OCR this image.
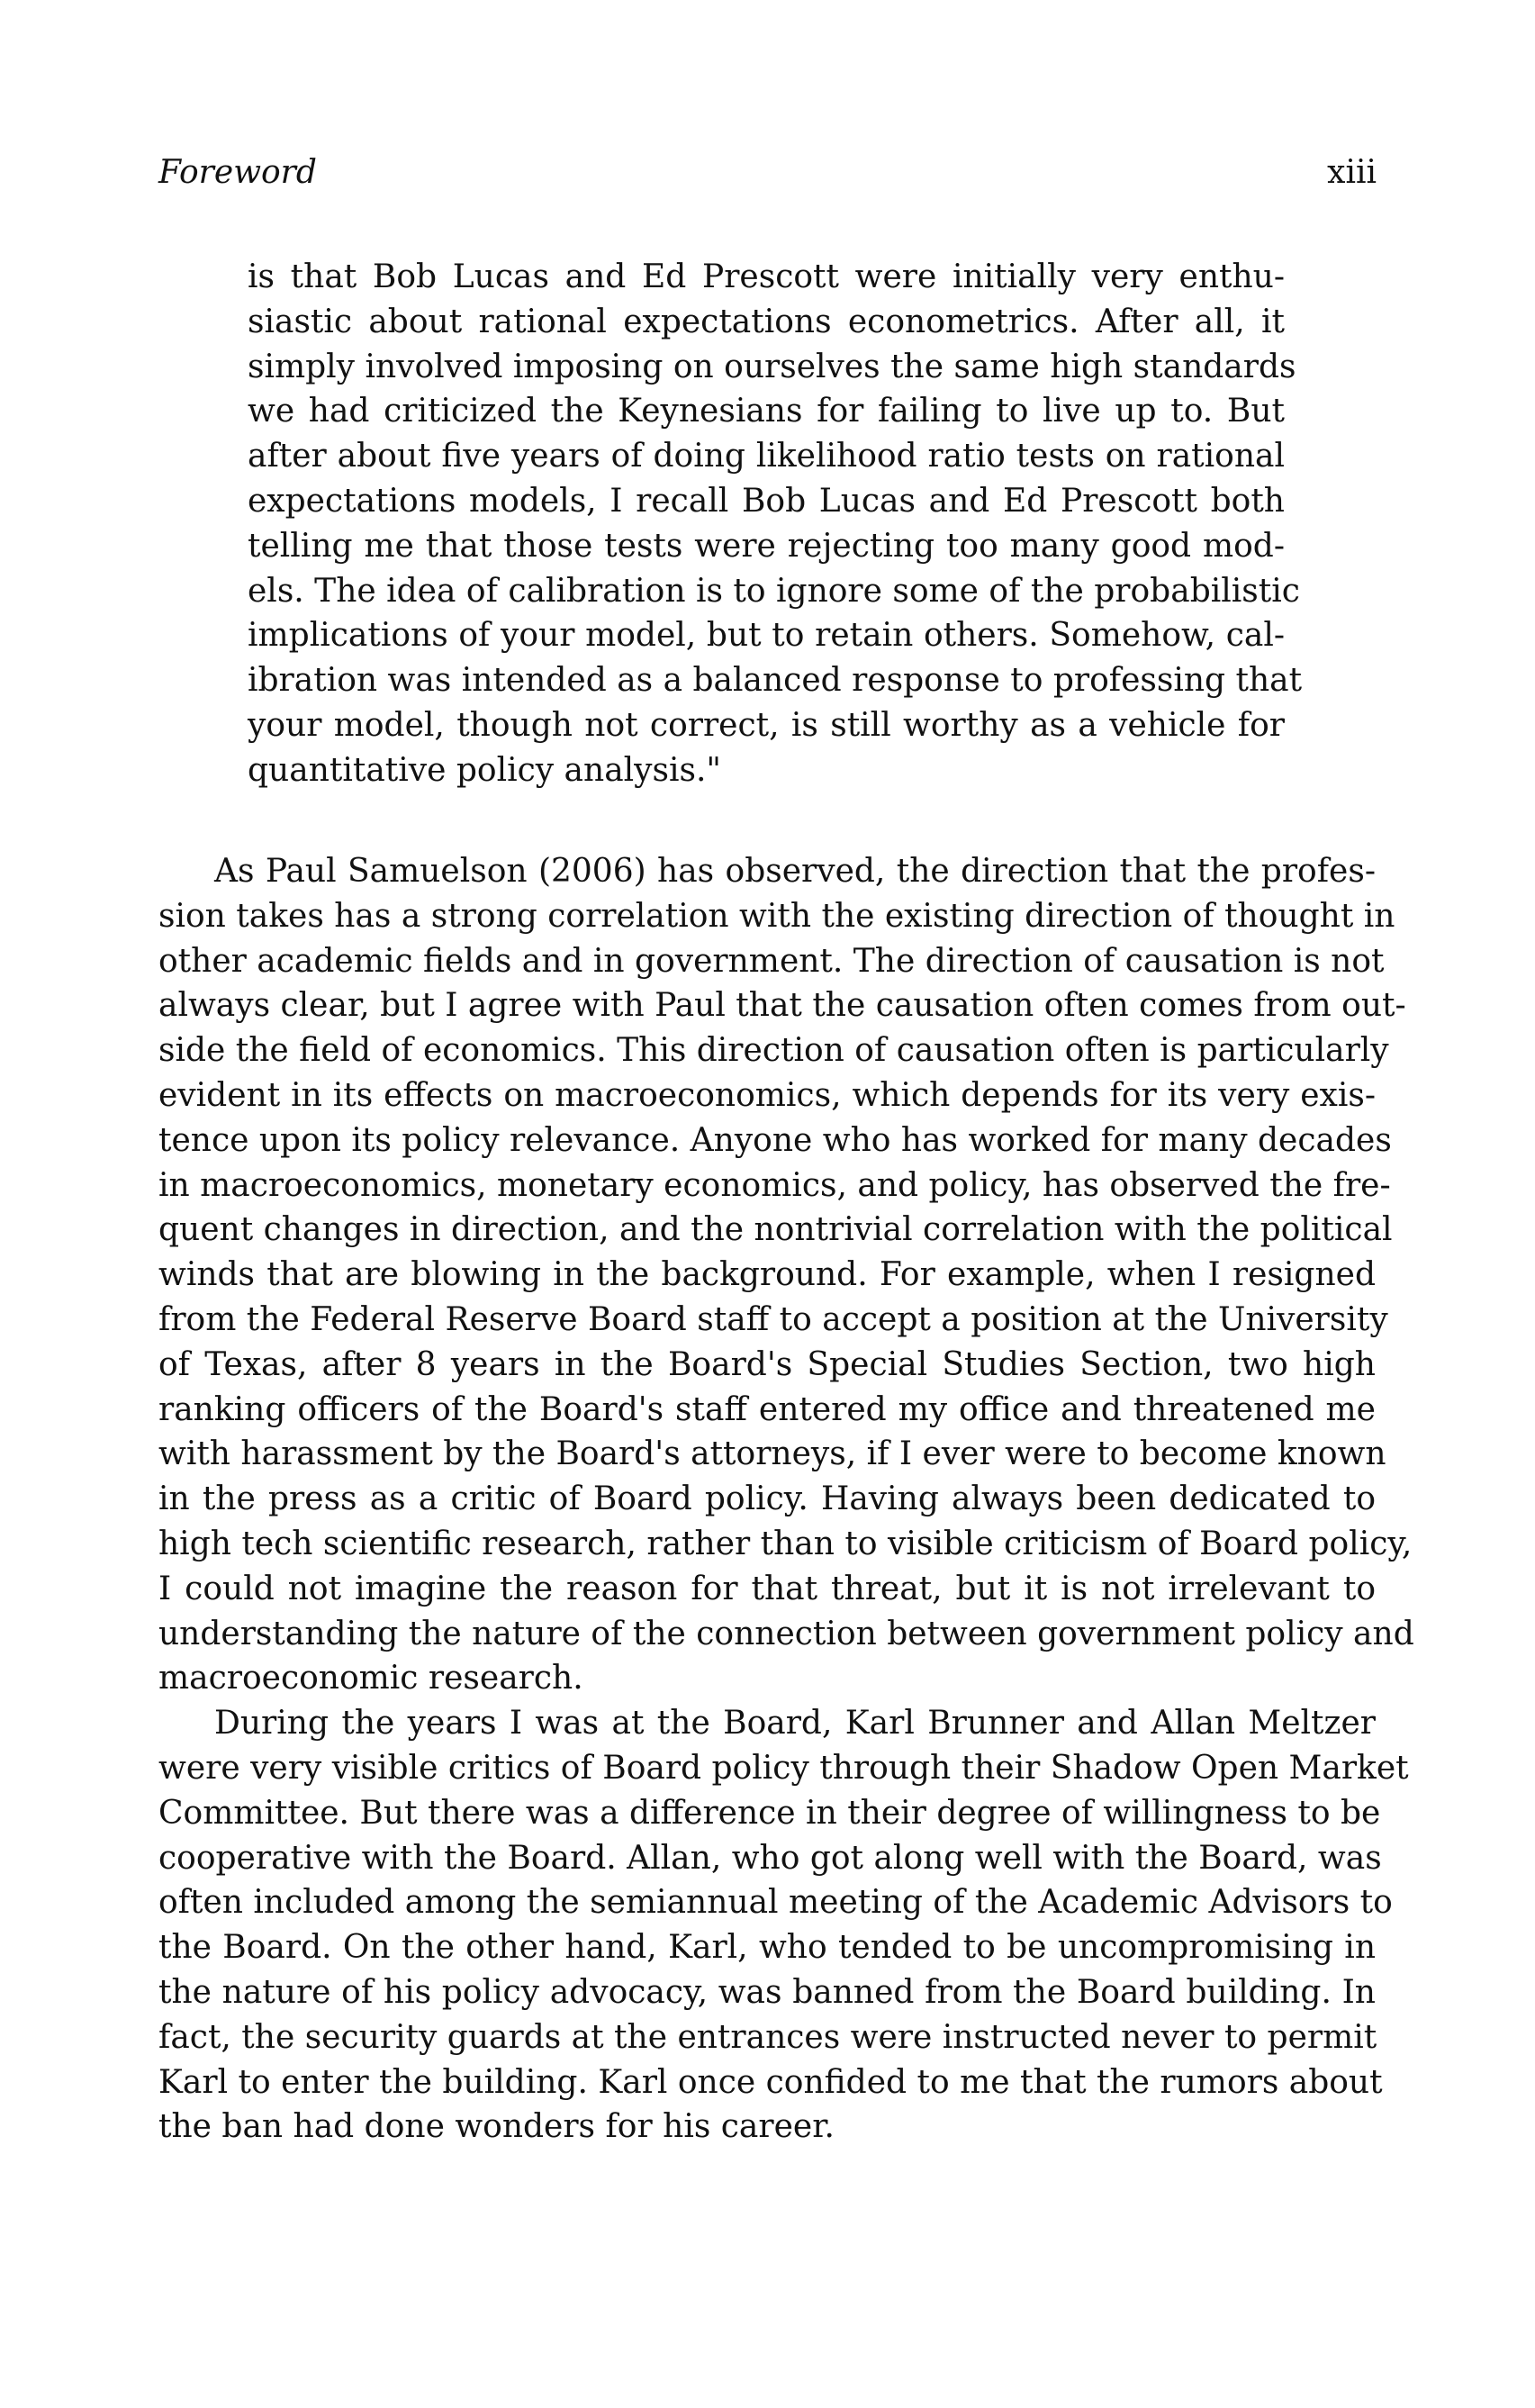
Foreword	xiii
is that Bob Lucas and Ed Prescott were initially very enthu-
siastic about rational expectations econometrics. After all, it
simply involved imposing on ourselves the same high standards
we had criticized the Keynesians for failing to live up to. But
after about five years of doing likelihood ratio tests on rational
expectations models, I recall Bob Lucas and Ed Prescott both
telling me that those tests were rejecting too many good mod-
els. The idea of calibration is to ignore some of the probabilistic
implications of your model, but to retain others. Somehow, cal-
ibration was intended as a balanced response to professing that
your model, though not correct, is still worthy as a vehicle for
quantitative policy analysis."
As Paul Samuelson (2006) has observed, the direction that the profes-
sion takes has a strong correlation with the existing direction of thought in
other academic fields and in government. The direction of causation is not
always clear, but I agree with Paul that the causation often comes from out-
side the field of economics. This direction of causation often is particularly
evident in its effects on macroeconomics, which depends for its very exis-
tence upon its policy relevance. Anyone who has worked for many decades
in macroeconomics, monetary economics, and policy, has observed the fre-
quent changes in direction, and the nontrivial correlation with the political
winds that are blowing in the background. For example, when I resigned
from the Federal Reserve Board staff to accept a position at the University
of Texas, after 8 years in the Board's Special Studies Section, two high
ranking officers of the Board's staff entered my office and threatened me
with harassment by the Board's attorneys, if I ever were to become known
in the press as a critic of Board policy. Having always been dedicated to
high tech scientific research, rather than to visible criticism of Board policy,
I could not imagine the reason for that threat, but it is not irrelevant to
understanding the nature of the connection between government policy and
macroeconomic research.
During the years I was at the Board, Karl Brunner and Allan Meltzer
were very visible critics of Board policy through their Shadow Open Market
Committee. But there was a difference in their degree of willingness to be
cooperative with the Board. Allan, who got along well with the Board, was
often included among the semiannual meeting of the Academic Advisors to
the Board. On the other hand, Karl, who tended to be uncompromising in
the nature of his policy advocacy, was banned from the Board building. In
fact, the security guards at the entrances were instructed never to permit
Karl to enter the building. Karl once confided to me that the rumors about
the ban had done wonders for his career.
